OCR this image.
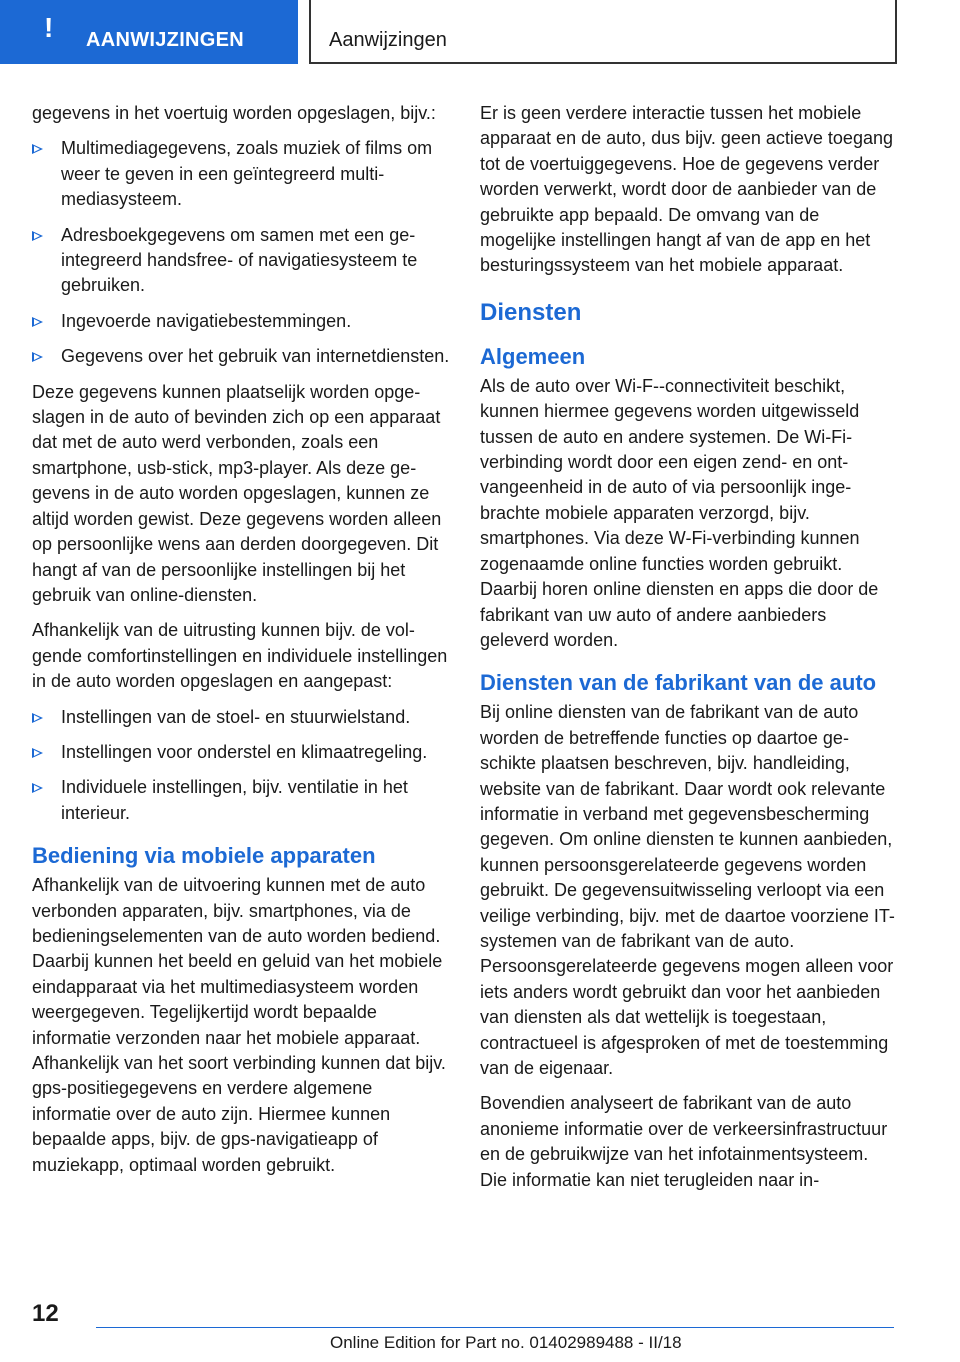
! AANWIJZINGEN	Aanwijzingen

gegevens in het voertuig worden opgeslagen, bijv.:

Multimediagegevens, zoals muziek of films om weer te geven in een geïntegreerd multimediasysteem.
Adresboekgegevens om samen met een geintegreerd handsfree- of navigatiesysteem te gebruiken.
Ingevoerde navigatiebestemmingen.
Gegevens over het gebruik van internetdiensten.

Deze gegevens kunnen plaatselijk worden opgeslagen in de auto of bevinden zich op een apparaat dat met de auto werd verbonden, zoals een smartphone, usb-stick, mp3-player. Als deze gegevens in de auto worden opgeslagen, kunnen ze altijd worden gewist. Deze gegevens worden alleen op persoonlijke wens aan derden doorgegeven. Dit hangt af van de persoonlijke instellingen bij het gebruik van online-diensten.

Afhankelijk van de uitrusting kunnen bijv. de volgende comfortinstellingen en individuele instellingen in de auto worden opgeslagen en aangepast:

Instellingen van de stoel- en stuurwielstand.
Instellingen voor onderstel en klimaatregeling.
Individuele instellingen, bijv. ventilatie in het interieur.
Bediening via mobiele apparaten

Afhankelijk van de uitvoering kunnen met de auto verbonden apparaten, bijv. smartphones, via de bedieningselementen van de auto worden bediend. Daarbij kunnen het beeld en geluid van het mobiele eindapparaat via het multimediasysteem worden weergegeven. Tegelijkertijd wordt bepaalde informatie verzonden naar het mobiele apparaat. Afhankelijk van het soort verbinding kunnen dat bijv. gps-positiegegevens en verdere algemene informatie over de auto zijn. Hiermee kunnen bepaalde apps, bijv. de gps-navigatieapp of muziekapp, optimaal worden gebruikt.

Er is geen verdere interactie tussen het mobiele apparaat en de auto, dus bijv. geen actieve toegang tot de voertuiggegevens. Hoe de gegevens verder worden verwerkt, wordt door de aanbieder van de gebruikte app bepaald. De omvang van de mogelijke instellingen hangt af van de app en het besturingssysteem van het mobiele apparaat.

Diensten
Algemeen

Als de auto over Wi-F--connectiviteit beschikt, kunnen hiermee gegevens worden uitgewisseld tussen de auto en andere systemen. De Wi-Fi-verbinding wordt door een eigen zend- en ontvangeenheid in de auto of via persoonlijk ingebrachte mobiele apparaten verzorgd, bijv. smartphones. Via deze W-Fi-verbinding kunnen zogenaamde online functies worden gebruikt. Daarbij horen online diensten en apps die door de fabrikant van uw auto of andere aanbieders geleverd worden.

Diensten van de fabrikant van de auto

Bij online diensten van de fabrikant van de auto worden de betreffende functies op daartoe geschikte plaatsen beschreven, bijv. handleiding, website van de fabrikant. Daar wordt ook relevante informatie in verband met gegevensbescherming gegeven. Om online diensten te kunnen aanbieden, kunnen persoonsgerelateerde gegevens worden gebruikt. De gegevensuitwisseling verloopt via een veilige verbinding, bijv. met de daartoe voorziene IT-systemen van de fabrikant van de auto. Persoonsgerelateerde gegevens mogen alleen voor iets anders wordt gebruikt dan voor het aanbieden van diensten als dat wettelijk is toegestaan, contractueel is afgesproken of met de toestemming van de eigenaar.

Bovendien analyseert de fabrikant van de auto anonieme informatie over de verkeersinfrastructuur en de gebruikwijze van het infotainmentsysteem. Die informatie kan niet terugleiden naar in-

12
Online Edition for Part no. 01402989488 - II/18
